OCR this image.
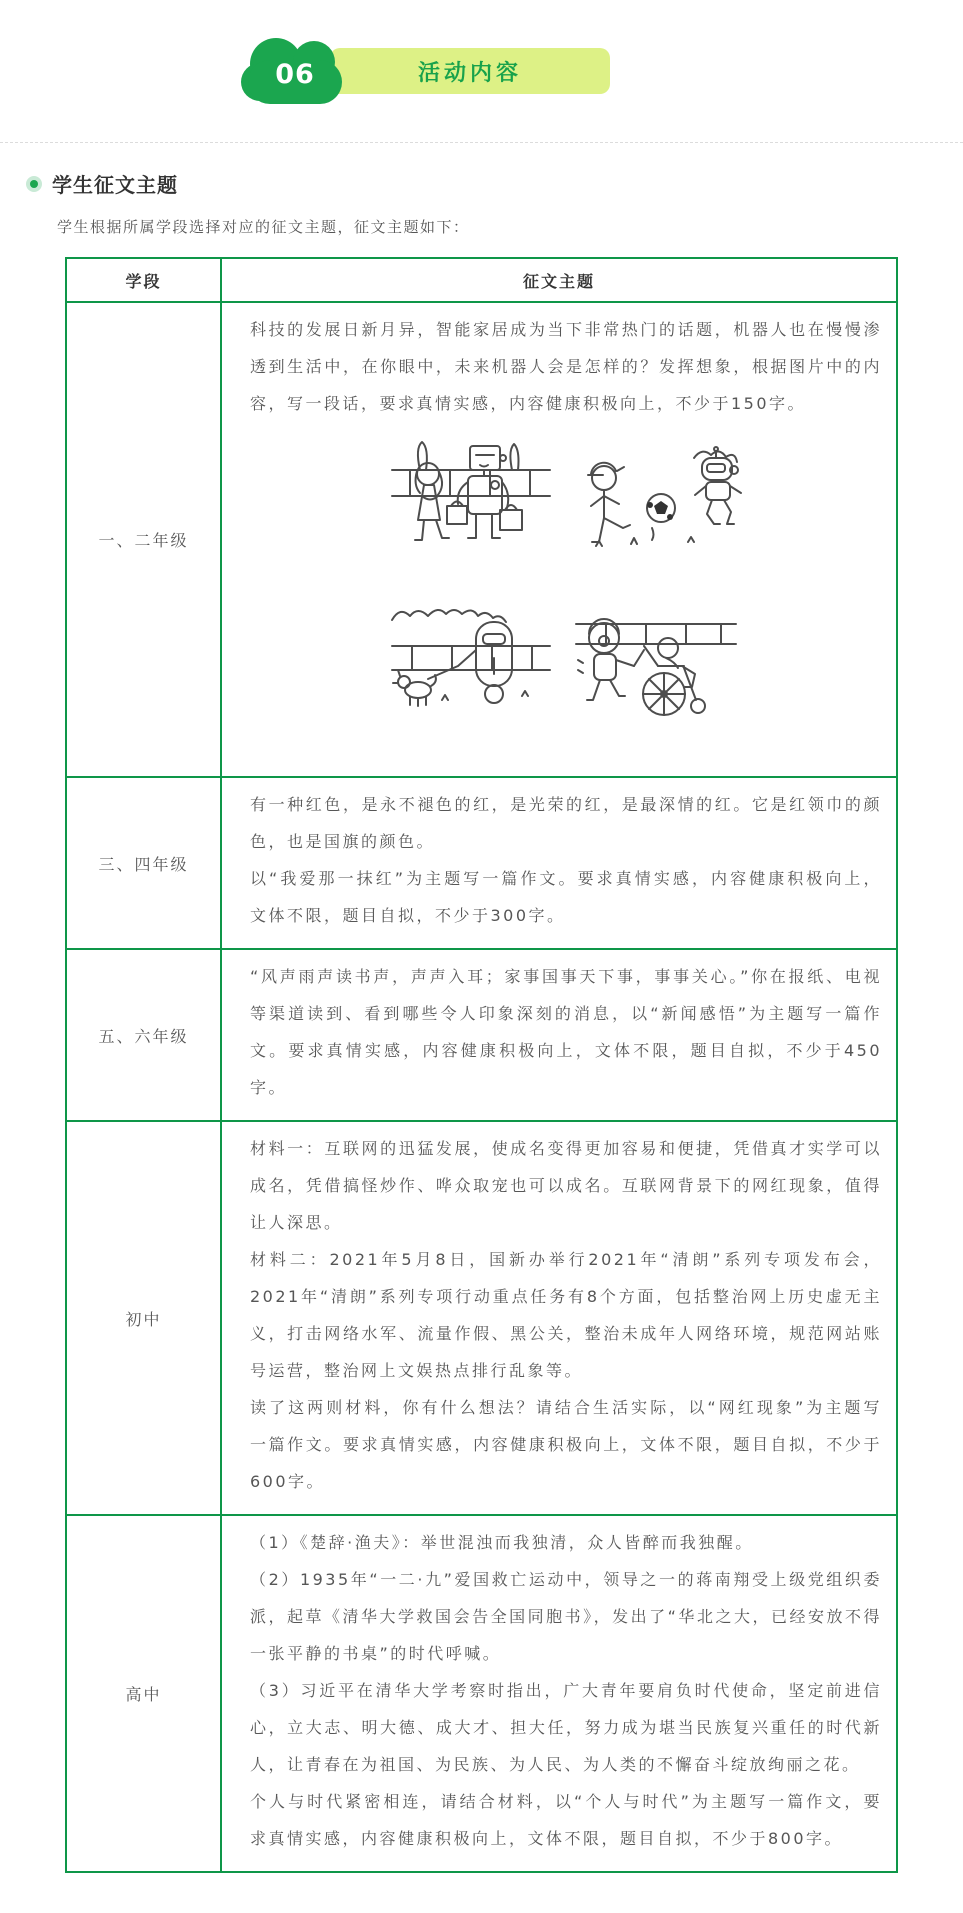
活动内容
06
学生征文主题

学生根据所属学段选择对应的征文主题，征文主题如下：

学段	征文主题
一、二年级	科技的发展日新月异，智能家居成为当下非常热门的话题，机器人也在慢慢渗透到生活中，在你眼中，未来机器人会是怎样的？发挥想象，根据图片中的内容，写一段话，要求真情实感，内容健康积极向上，不少于150字。

三、四年级	有一种红色，是永不褪色的红，是光荣的红，是最深情的红。它是红领巾的颜色，也是国旗的颜色。

以“我爱那一抹红”为主题写一篇作文。要求真情实感，内容健康积极向上，文体不限，题目自拟，不少于300字。

五、六年级	“风声雨声读书声，声声入耳；家事国事天下事，事事关心。”你在报纸、电视等渠道读到、看到哪些令人印象深刻的消息，以“新闻感悟”为主题写一篇作文。要求真情实感，内容健康积极向上，文体不限，题目自拟，不少于450字。

初中	材料一：互联网的迅猛发展，使成名变得更加容易和便捷，凭借真才实学可以成名，凭借搞怪炒作、哗众取宠也可以成名。互联网背景下的网红现象，值得让人深思。

材料二：2021年5月8日，国新办举行2021年“清朗”系列专项发布会，2021年“清朗”系列专项行动重点任务有8个方面，包括整治网上历史虚无主义，打击网络水军、流量作假、黑公关，整治未成年人网络环境，规范网站账号运营，整治网上文娱热点排行乱象等。

读了这两则材料，你有什么想法？请结合生活实际，以“网红现象”为主题写一篇作文。要求真情实感，内容健康积极向上，文体不限，题目自拟，不少于600字。

高中	（1）《楚辞·渔夫》：举世混浊而我独清，众人皆醉而我独醒。

（2）1935年“一二·九”爱国救亡运动中，领导之一的蒋南翔受上级党组织委派，起草《清华大学救国会告全国同胞书》，发出了“华北之大，已经安放不得一张平静的书桌”的时代呼喊。

（3）习近平在清华大学考察时指出，广大青年要肩负时代使命，坚定前进信心，立大志、明大德、成大才、担大任，努力成为堪当民族复兴重任的时代新人，让青春在为祖国、为民族、为人民、为人类的不懈奋斗绽放绚丽之花。

个人与时代紧密相连，请结合材料，以“个人与时代”为主题写一篇作文，要求真情实感，内容健康积极向上，文体不限，题目自拟，不少于800字。
